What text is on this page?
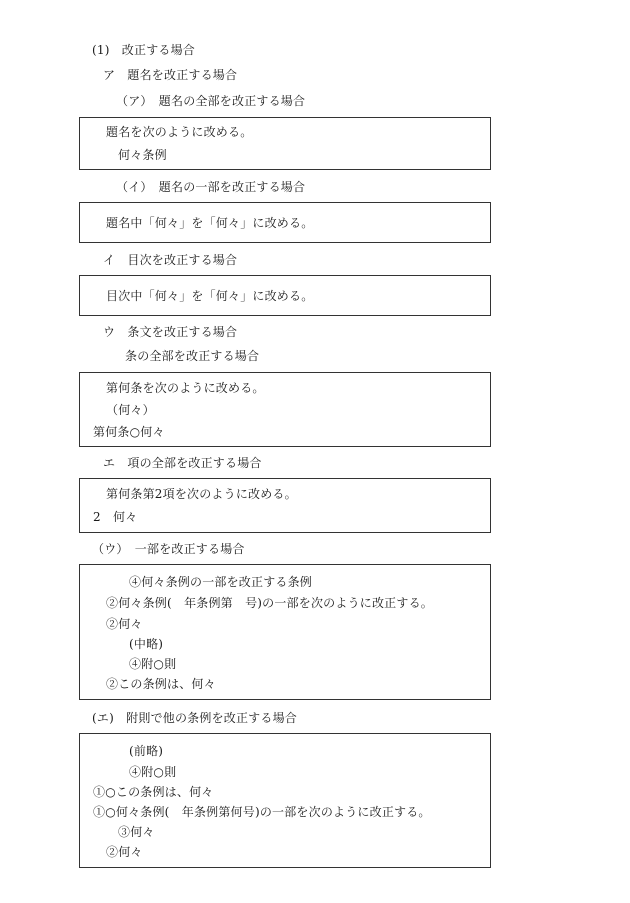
(1)　改正する場合
ア　題名を改正する場合
（ア）　題名の全部を改正する場合
題名を次のように改める。
何々条例
（イ）　題名の一部を改正する場合
題名中「何々」を「何々」に改める。
イ　目次を改正する場合
目次中「何々」を「何々」に改める。
ウ　条文を改正する場合
条の全部を改正する場合
第何条を次のように改める。
（何々）
第何条○何々
エ　項の全部を改正する場合
第何条第2項を次のように改める。
2　何々
（ウ）　一部を改正する場合
④何々条例の一部を改正する条例
②何々条例(　年条例第　号)の一部を次のように改正する。
②何々
(中略)
④附○則
②この条例は、何々
(エ)　附則で他の条例を改正する場合
(前略)
④附○則
①○この条例は、何々
①○何々条例(　年条例第何号)の一部を次のように改正する。
③何々
②何々
